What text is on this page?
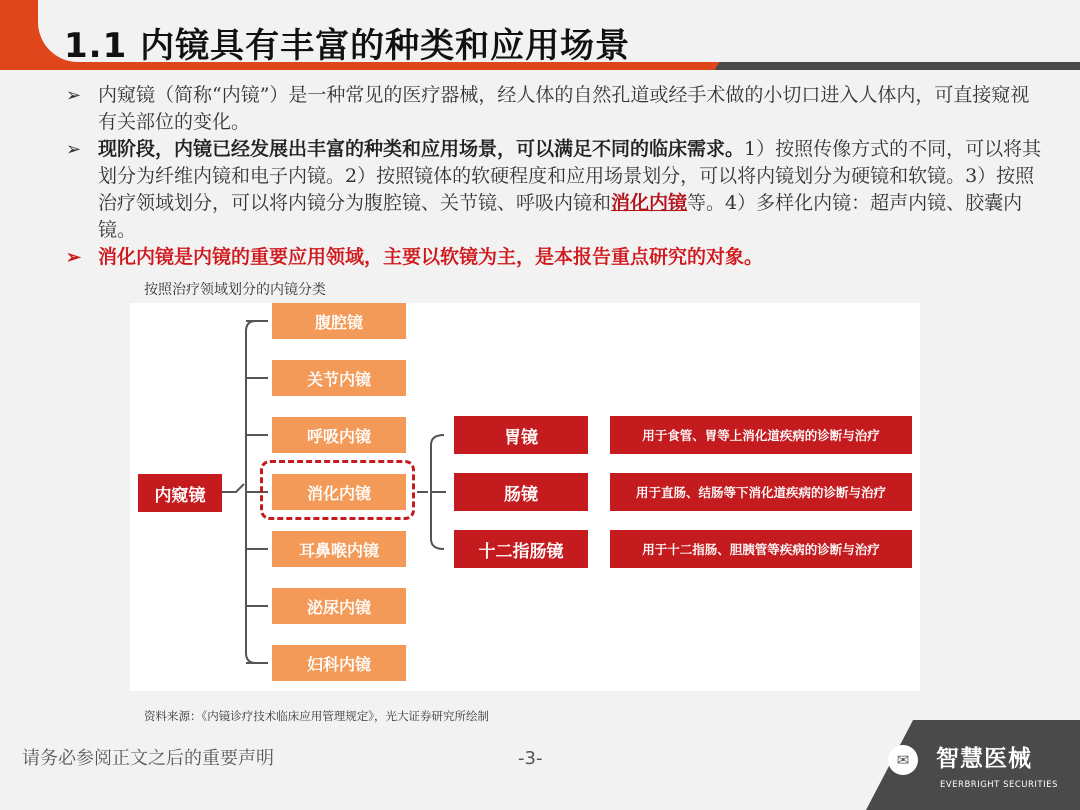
1.1 内镜具有丰富的种类和应用场景
➢ 内窥镜（简称“内镜”）是一种常见的医疗器械，经人体的自然孔道或经手术做的小切口进入人体内，可直接窥视有关部位的变化。
➢ 现阶段，内镜已经发展出丰富的种类和应用场景，可以满足不同的临床需求。1）按照传像方式的不同，可以将其划分为纤维内镜和电子内镜。2）按照镜体的软硬程度和应用场景划分，可以将内镜划分为硬镜和软镜。3）按照治疗领域划分，可以将内镜分为腹腔镜、关节镜、呼吸内镜和消化内镜等。4）多样化内镜：超声内镜、胶囊内镜。
➢ 消化内镜是内镜的重要应用领域，主要以软镜为主，是本报告重点研究的对象。
按照治疗领域划分的内镜分类
内窥镜
腹腔镜
关节内镜
呼吸内镜
消化内镜
耳鼻喉内镜
泌尿内镜
妇科内镜
胃镜
肠镜
十二指肠镜
用于食管、胃等上消化道疾病的诊断与治疗
用于直肠、结肠等下消化道疾病的诊断与治疗
用于十二指肠、胆胰管等疾病的诊断与治疗
资料来源：《内镜诊疗技术临床应用管理规定》，光大证券研究所绘制
请务必参阅正文之后的重要声明	-3-	✉	智慧医械
EVERBRIGHT SECURITIES
